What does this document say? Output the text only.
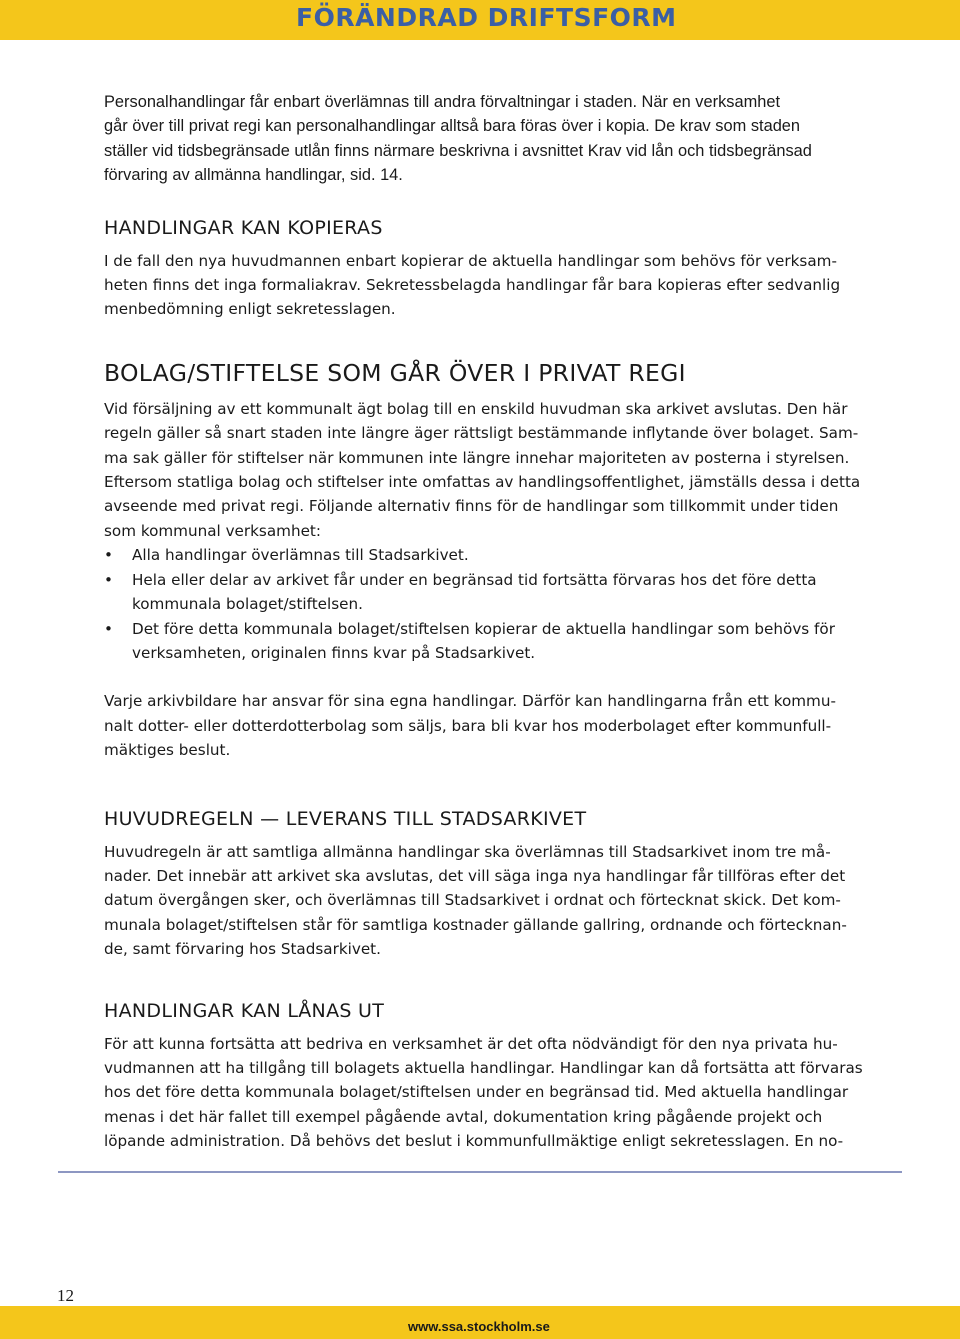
FÖRÄNDRAD DRIFTSFORM

Personalhandlingar får enbart överlämnas till andra förvaltningar i staden. När en verksamhet

går över till privat regi kan personalhandlingar alltså bara föras över i kopia. De krav som staden

ställer vid tidsbegränsade utlån finns närmare beskrivna i avsnittet Krav vid lån och tidsbegränsad

förvaring av allmänna handlingar, sid. 14.

HANDLINGAR KAN KOPIERAS

I de fall den nya huvudmannen enbart kopierar de aktuella handlingar som behövs för verksam-

heten finns det inga formaliakrav. Sekretessbelagda handlingar får bara kopieras efter sedvanlig

menbedömning enligt sekretesslagen.

BOLAG/STIFTELSE SOM GÅR ÖVER I PRIVAT REGI

Vid försäljning av ett kommunalt ägt bolag till en enskild huvudman ska arkivet avslutas. Den här

regeln gäller så snart staden inte längre äger rättsligt bestämmande inflytande över bolaget. Sam-

ma sak gäller för stiftelser när kommunen inte längre innehar majoriteten av posterna i styrelsen.

Eftersom statliga bolag och stiftelser inte omfattas av handlingsoffentlighet, jämställs dessa i detta

avseende med privat regi. Följande alternativ finns för de handlingar som tillkommit under tiden

som kommunal verksamhet:

• Alla handlingar överlämnas till Stadsarkivet.
• Hela eller delar av arkivet får under en begränsad tid fortsätta förvaras hos det före detta
kommunala bolaget/stiftelsen.
• Det före detta kommunala bolaget/stiftelsen kopierar de aktuella handlingar som behövs för
verksamheten, originalen finns kvar på Stadsarkivet.

Varje arkivbildare har ansvar för sina egna handlingar. Därför kan handlingarna från ett kommu-

nalt dotter- eller dotterdotterbolag som säljs, bara bli kvar hos moderbolaget efter kommunfull-

mäktiges beslut.

HUVUDREGELN — LEVERANS TILL STADSARKIVET

Huvudregeln är att samtliga allmänna handlingar ska överlämnas till Stadsarkivet inom tre må-

nader. Det innebär att arkivet ska avslutas, det vill säga inga nya handlingar får tillföras efter det

datum övergången sker, och överlämnas till Stadsarkivet i ordnat och förtecknat skick. Det kom-

munala bolaget/stiftelsen står för samtliga kostnader gällande gallring, ordnande och förtecknan-

de, samt förvaring hos Stadsarkivet.

HANDLINGAR KAN LÅNAS UT

För att kunna fortsätta att bedriva en verksamhet är det ofta nödvändigt för den nya privata hu-

vudmannen att ha tillgång till bolagets aktuella handlingar. Handlingar kan då fortsätta att förvaras

hos det före detta kommunala bolaget/stiftelsen under en begränsad tid. Med aktuella handlingar

menas i det här fallet till exempel pågående avtal, dokumentation kring pågående projekt och

löpande administration. Då behövs det beslut i kommunfullmäktige enligt sekretesslagen. En no-

12
www.ssa.stockholm.se
